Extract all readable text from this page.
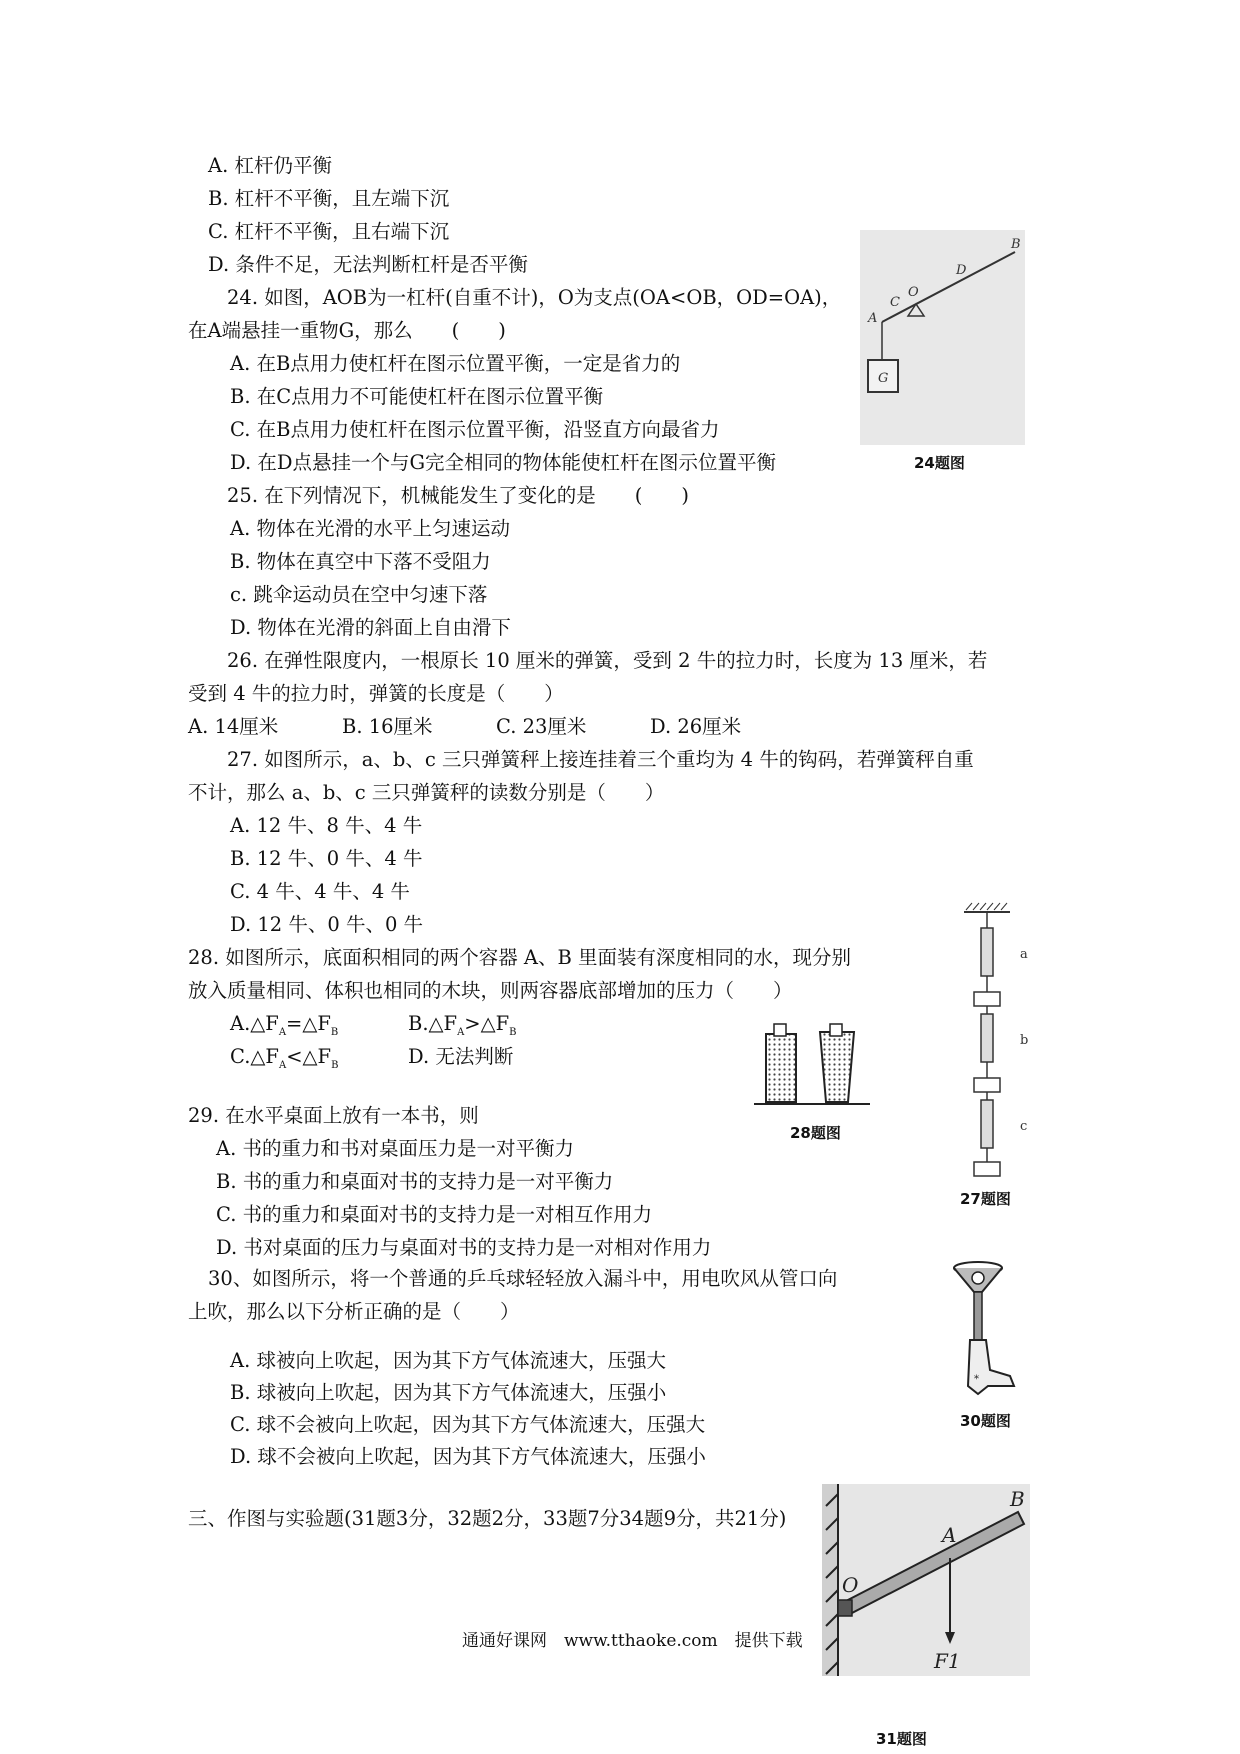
A. 杠杆仍平衡
B. 杠杆不平衡，且左端下沉
C. 杠杆不平衡，且右端下沉
D. 条件不足，无法判断杠杆是否平衡
24. 如图，AOB为一杠杆(自重不计)，O为支点(OA<OB，OD=OA)，
在A端悬挂一重物G，那么　　(　　)
A. 在B点用力使杠杆在图示位置平衡，一定是省力的
B. 在C点用力不可能使杠杆在图示位置平衡
C. 在B点用力使杠杆在图示位置平衡，沿竖直方向最省力
D. 在D点悬挂一个与G完全相同的物体能使杠杆在图示位置平衡
B
D
C
O
A
G
24题图
25. 在下列情况下，机械能发生了变化的是　　(　　)
A. 物体在光滑的水平上匀速运动
B. 物体在真空中下落不受阻力
c. 跳伞运动员在空中匀速下落
D. 物体在光滑的斜面上自由滑下
26. 在弹性限度内，一根原长 10 厘米的弹簧，受到 2 牛的拉力时，长度为 13 厘米，若
受到 4 牛的拉力时，弹簧的长度是（　　）
A. 14厘米	B. 16厘米	C. 23厘米	D. 26厘米
27. 如图所示，a、b、c 三只弹簧秤上接连挂着三个重均为 4 牛的钩码，若弹簧秤自重
不计，那么 a、b、c 三只弹簧秤的读数分别是（　　）
A. 12 牛、8 牛、4 牛
B. 12 牛、0 牛、4 牛
C. 4 牛、4 牛、4 牛
D. 12 牛、0 牛、0 牛
a
b
c
27题图
28. 如图所示，底面积相同的两个容器 A、B 里面装有深度相同的水，现分别
放入质量相同、体积也相同的木块，则两容器底部增加的压力（　　）
$A.\triangle F_A=\triangle F_B$	$B.\triangle F_A>\triangle F_B$
$C.\triangle F_A<\triangle F_B$	D. 无法判断
28题图
29. 在水平桌面上放有一本书，则
A. 书的重力和书对桌面压力是一对平衡力
B. 书的重力和桌面对书的支持力是一对平衡力
C. 书的重力和桌面对书的支持力是一对相互作用力
D. 书对桌面的压力与桌面对书的支持力是一对相对作用力
30、如图所示，将一个普通的乒乓球轻轻放入漏斗中，用电吹风从管口向
上吹，那么以下分析正确的是（　　）
A. 球被向上吹起，因为其下方气体流速大，压强大
B. 球被向上吹起，因为其下方气体流速大，压强小
C. 球不会被向上吹起，因为其下方气体流速大，压强大
D. 球不会被向上吹起，因为其下方气体流速大，压强小
*
30题图
三、作图与实验题(31题3分，32题2分，33题7分34题9分，共21分)
B
A
O
F1
31题图
通通好课网　www.tthaoke.com　提供下载
